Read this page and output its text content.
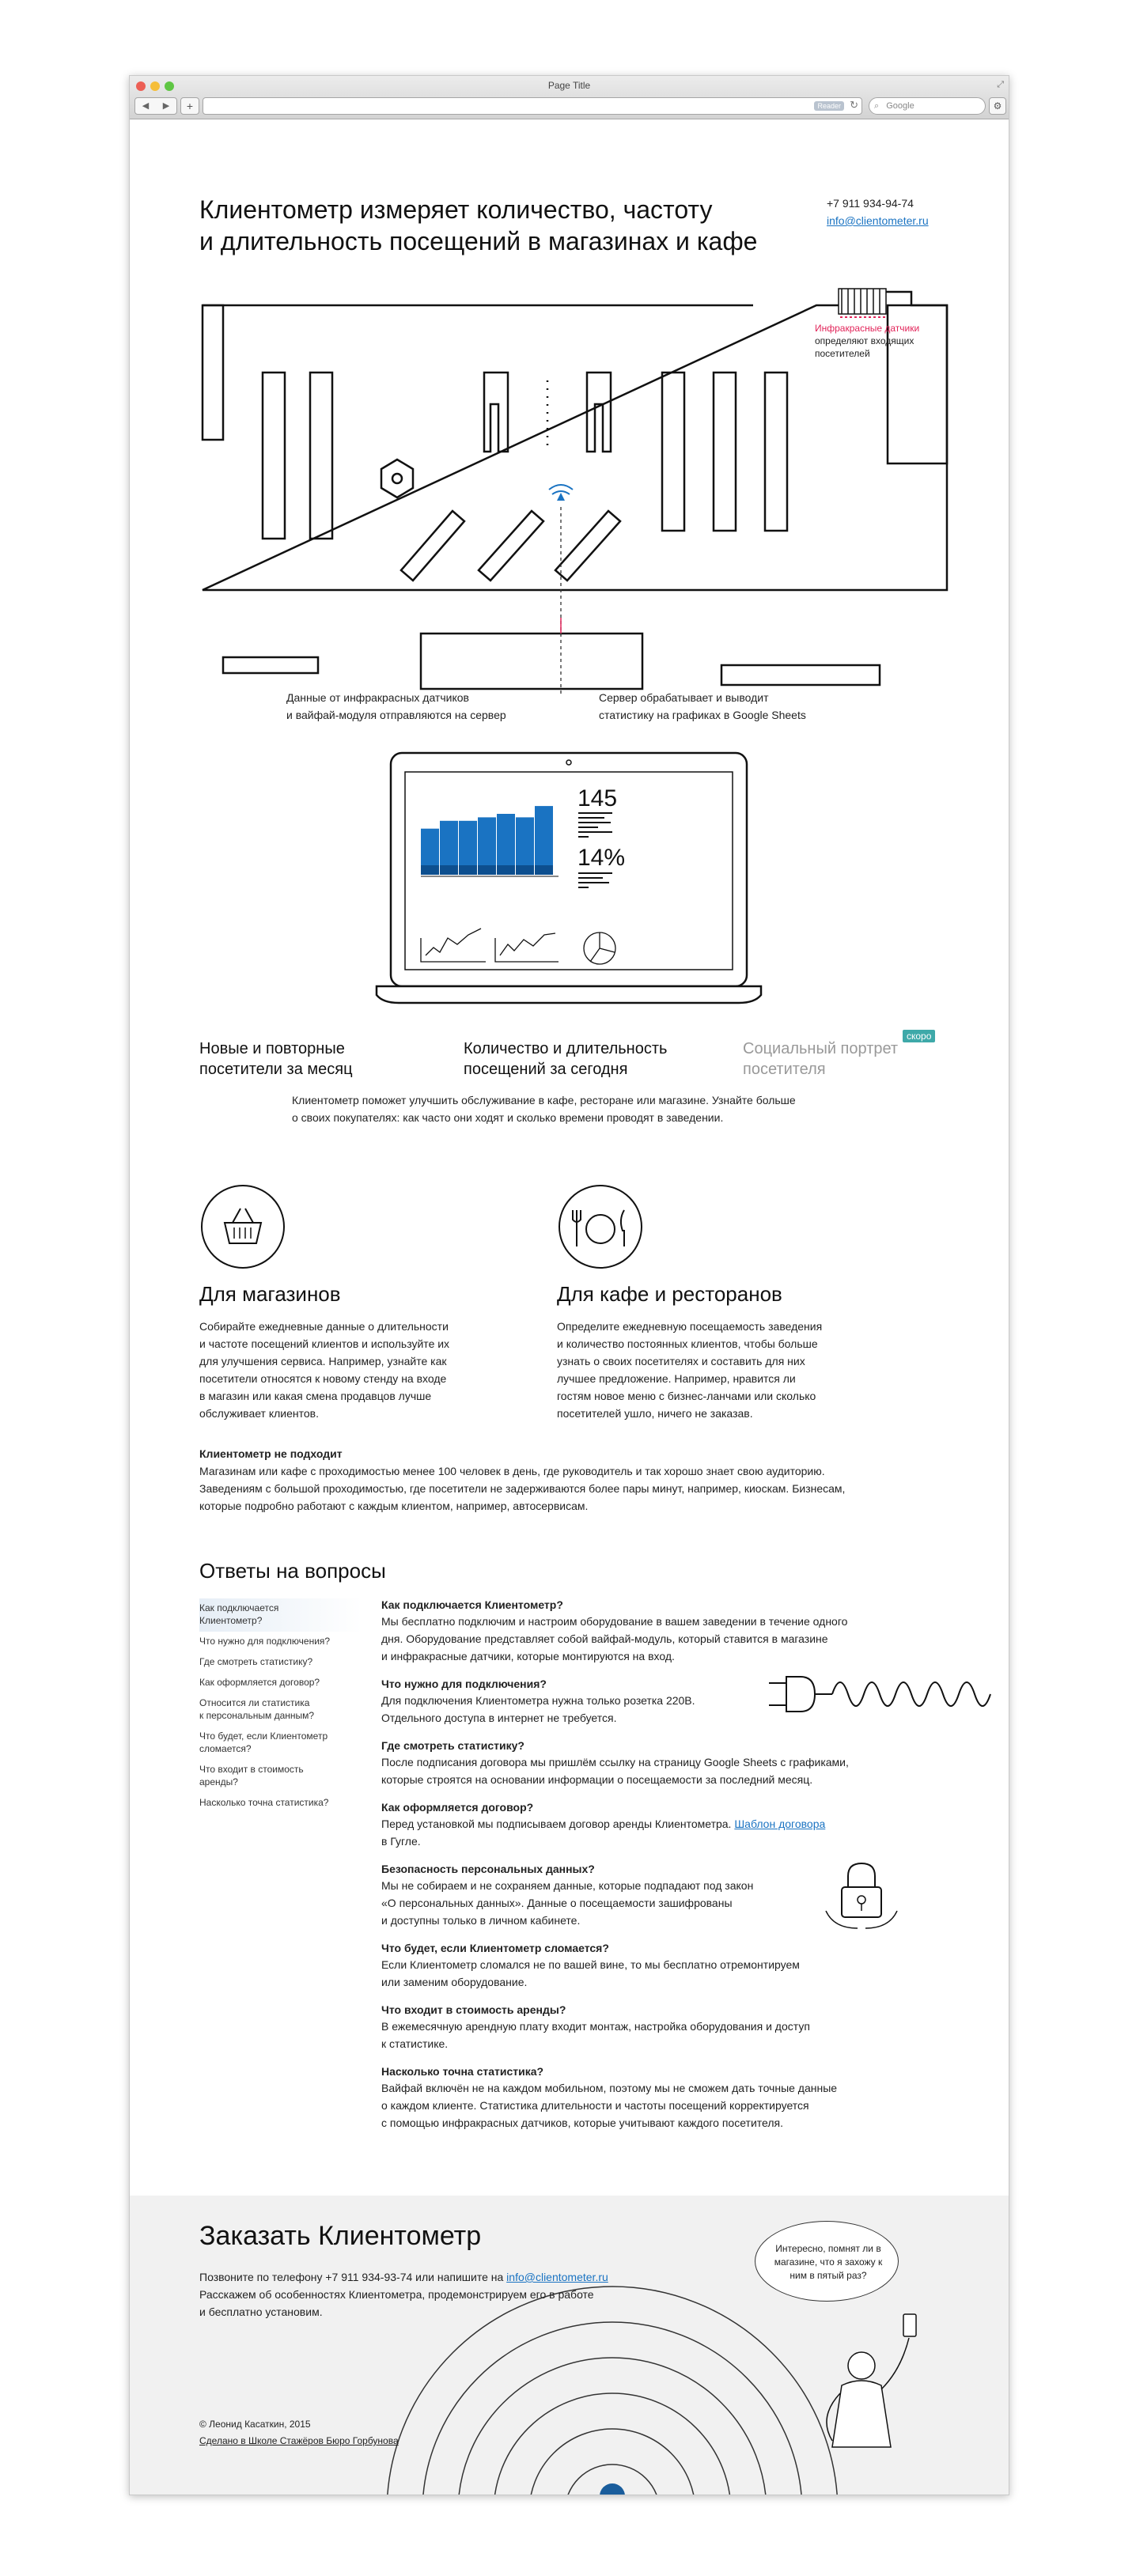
Page Title	⤢
◀	▶	+	Reader ↻	⌕ Google	⚙
Клиентометр измеряет количество, частоту
и длительность посещений в магазинах и кафе
+7 911 934-94-74
info@clientometer.ru
Инфракрасные датчики
определяют входящих
посетителей
Данные от инфракрасных датчиков
и вайфай-модуля отправляются на сервер
Сервер обрабатывает и выводит
статистику на графиках в Google Sheets
145
14%
Новые и повторные
посетители за месяц
Количество и длительность
посещений за сегодня
Социальный портрет
посетителя
скоро
Клиентометр поможет улучшить обслуживание в кафе, ресторане или магазине. Узнайте больше
о своих покупателях: как часто они ходят и сколько времени проводят в заведении.
Для магазинов
Собирайте ежедневные данные о длительности
и частоте посещений клиентов и используйте их
для улучшения сервиса. Например, узнайте как
посетители относятся к новому стенду на входе
в магазин или какая смена продавцов лучше
обслуживает клиентов.
Для кафе и ресторанов
Определите ежедневную посещаемость заведения
и количество постоянных клиентов, чтобы больше
узнать о своих посетителях и составить для них
лучшее предложение. Например, нравится ли
гостям новое меню с бизнес-ланчами или сколько
посетителей ушло, ничего не заказав.
Клиентометр не подходит
Магазинам или кафе с проходимостью менее 100 человек в день, где руководитель и так хорошо знает свою аудиторию.
Заведениям с большой проходимостью, где посетители не задерживаются более пары минут, например, киоскам. Бизнесам,
которые подробно работают с каждым клиентом, например, автосервисам.
Ответы на вопросы
Как подключается
Клиентометр?
Что нужно для подключения?
Где смотреть статистику?
Как оформляется договор?
Относится ли статистика
к персональным данным?
Что будет, если Клиентометр
сломается?
Что входит в стоимость
аренды?
Насколько точна статистика?
Как подключается Клиентометр?
Мы бесплатно подключим и настроим оборудование в вашем заведении в течение одного
дня. Оборудование представляет собой вайфай-модуль, который ставится в магазине
и инфракрасные датчики, которые монтируются на вход.
Что нужно для подключения?
Для подключения Клиентометра нужна только розетка 220В.
Отдельного доступа в интернет не требуется.
Где смотреть статистику?
После подписания договора мы пришлём ссылку на страницу Google Sheets с графиками,
которые строятся на основании информации о посещаемости за последний месяц.
Как оформляется договор?
Перед установкой мы подписываем договор аренды Клиентометра. Шаблон договора
в Гугле.
Безопасность персональных данных?
Мы не собираем и не сохраняем данные, которые подпадают под закон
«О персональных данных». Данные о посещаемости зашифрованы
и доступны только в личном кабинете.
Что будет, если Клиентометр сломается?
Если Клиентометр сломался не по вашей вине, то мы бесплатно отремонтируем
или заменим оборудование.
Что входит в стоимость аренды?
В ежемесячную арендную плату входит монтаж, настройка оборудования и доступ
к статистике.
Насколько точна статистика?
Вайфай включён не на каждом мобильном, поэтому мы не сможем дать точные данные
о каждом клиенте. Статистика длительности и частоты посещений корректируется
с помощью инфракрасных датчиков, которые учитывают каждого посетителя.
Заказать Клиентометр
Позвоните по телефону +7 911 934-93-74 или напишите на info@clientometer.ru
Расскажем об особенностях Клиентометра, продемонстрируем его в работе
и бесплатно установим.
Интересно, помнят ли в магазине, что я захожу к ним в пятый раз?
© Леонид Касаткин, 2015
Сделано в Школе Стажёров Бюро Горбунова
